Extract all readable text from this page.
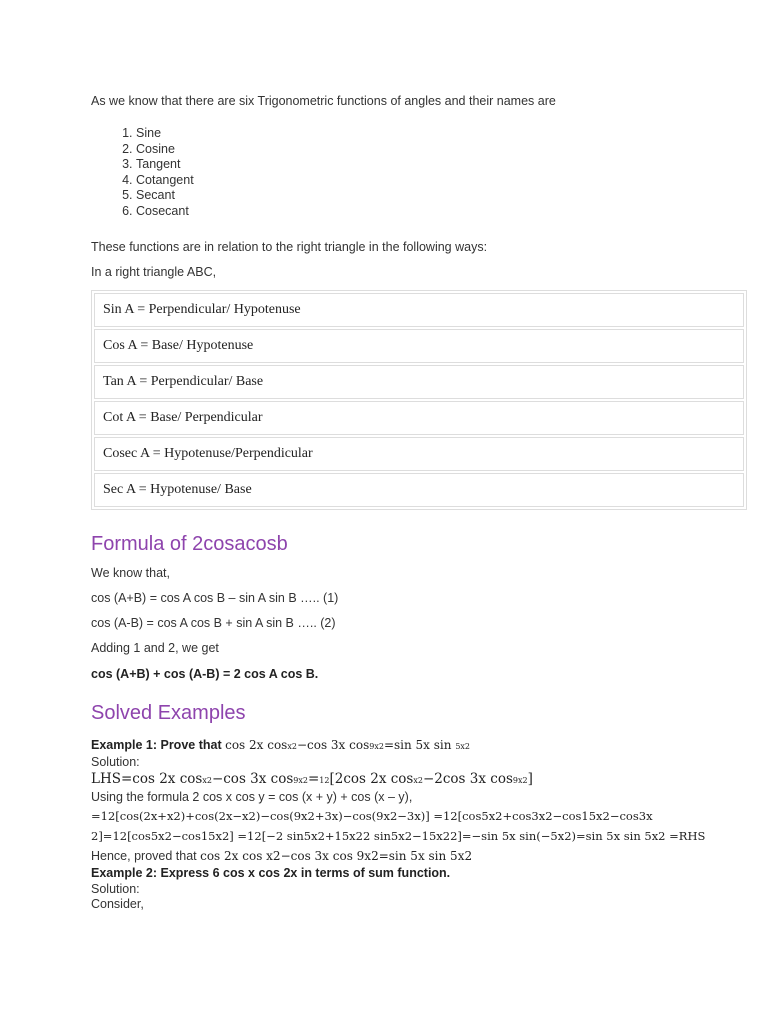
As we know that there are six Trigonometric functions of angles and their names are

1. Sine
2. Cosine
3. Tangent
4. Cotangent
5. Secant
6. Cosecant

These functions are in relation to the right triangle in the following ways:

In a right triangle ABC,

Sin A = Perpendicular/ Hypotenuse
Cos A = Base/ Hypotenuse
Tan A = Perpendicular/ Base
Cot A = Base/ Perpendicular
Cosec A = Hypotenuse/Perpendicular
Sec A = Hypotenuse/ Base
Formula of 2cosacosb

We know that,

cos (A+B) = cos A cos B – sin A sin B ….. (1)

cos (A-B) = cos A cos B + sin A sin B ….. (2)

Adding 1 and 2, we get

cos (A+B) + cos (A-B) = 2 cos A cos B.

Solved Examples
Example 1: Prove that cos 2x cosx2−cos 3x cos9x2=sin 5x sin 5x2
Solution:
LHS=cos 2x cosx2−cos 3x cos9x2=12[2cos 2x cosx2−2cos 3x cos9x2]
Using the formula 2 cos x cos y = cos (x + y) + cos (x – y),
=12[cos(2x+x2)+cos(2x−x2)−cos(9x2+3x)−cos(9x2−3x)] =12[cos5x2+cos3x2−cos15x2−cos3x
2]=12[cos5x2−cos15x2] =12[−2 sin5x2+15x22 sin5x2−15x22]=−sin 5x sin(−5x2)=sin 5x sin 5x2 =RHS
Hence, proved that cos 2x cos x2−cos 3x cos 9x2=sin 5x sin 5x2
Example 2: Express 6 cos x cos 2x in terms of sum function.
Solution:
Consider,
